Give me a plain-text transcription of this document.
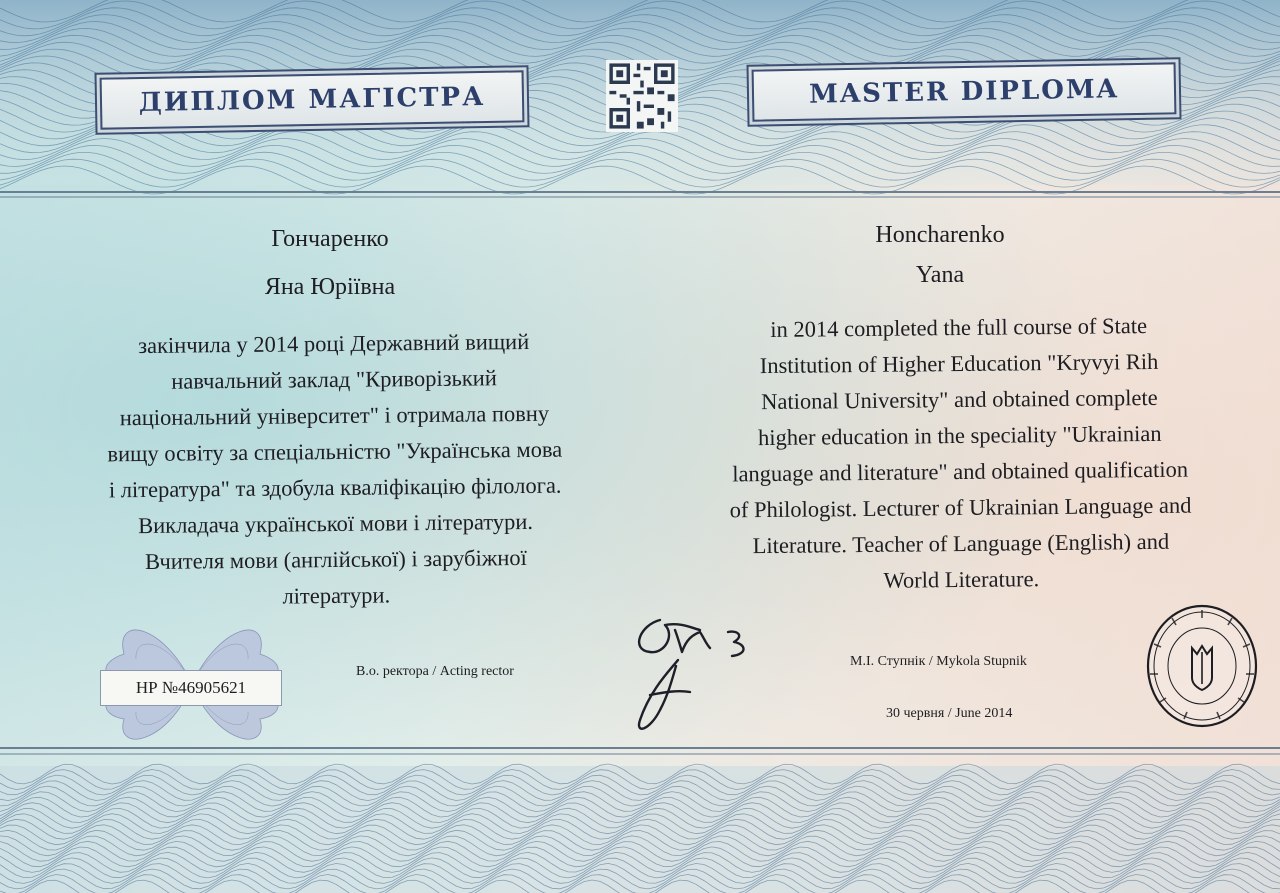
ДИПЛОМ МАГІСТРА	MASTER DIPLOMA
Гончаренко
Яна Юріївна
закінчила у 2014 році Державний вищий
навчальний заклад "Криворізький
національний університет" і отримала повну
вищу освіту за спеціальністю "Українська мова
і література" та здобула кваліфікацію філолога.
Викладача української мови і літератури.
Вчителя мови (англійської) і зарубіжної
літератури.
Honcharenko
Yana
in 2014 completed the full course of State
Institution of Higher Education "Kryvyi Rih
National University" and obtained complete
higher education in the speciality "Ukrainian
language and literature" and obtained qualification
of Philologist. Lecturer of Ukrainian Language and
Literature. Teacher of Language (English) and
World Literature.
НР №46905621
В.о. ректора / Acting rector
М.І. Ступнік / Mykola Stupnik
30 червня / June 2014
